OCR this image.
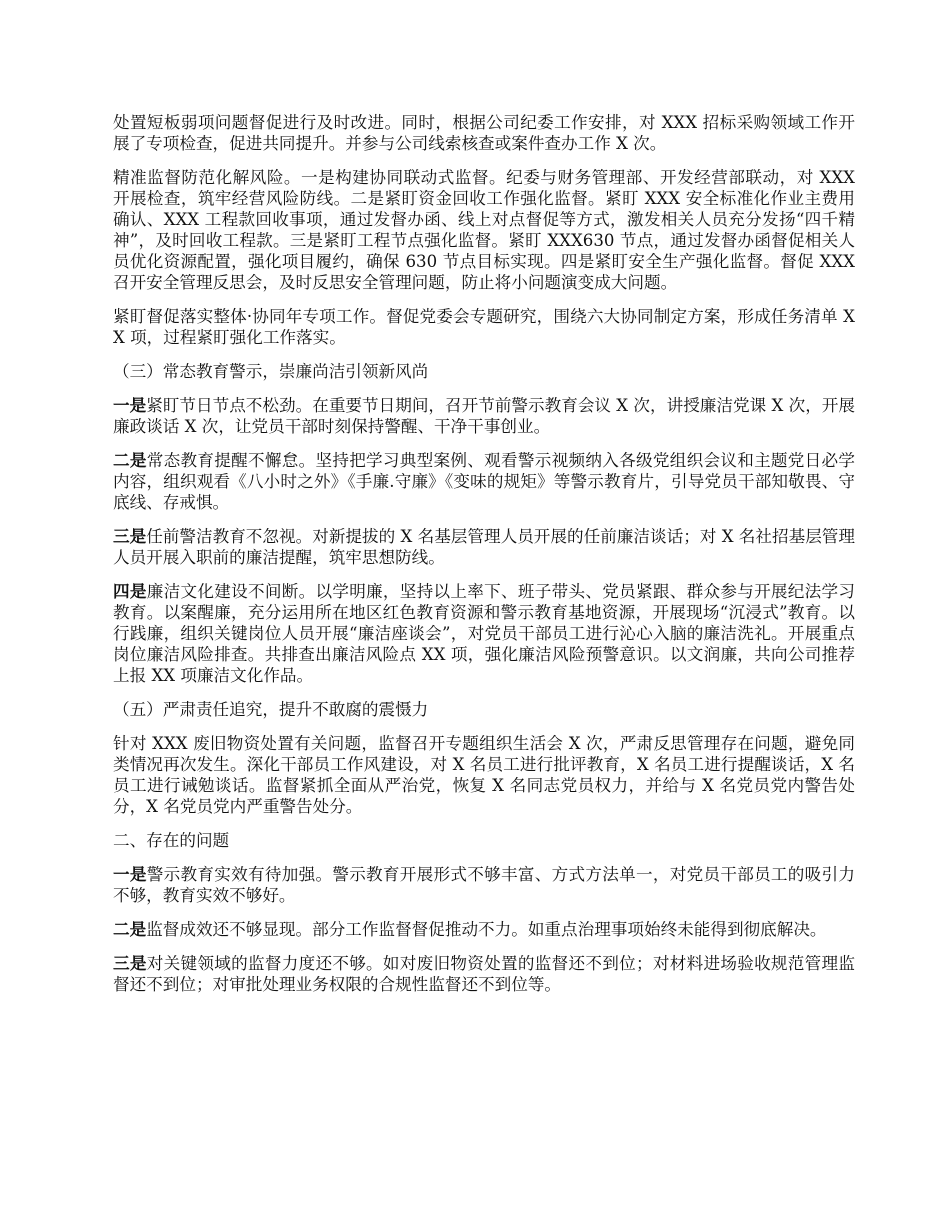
处置短板弱项问题督促进行及时改进。同时，根据公司纪委工作安排，对 XXX 招标采购领域工作开展了专项检查，促进共同提升。并参与公司线索核查或案件查办工作 X 次。

精准监督防范化解风险。一是构建协同联动式监督。纪委与财务管理部、开发经营部联动，对 XXX 开展检查，筑牢经营风险防线。二是紧盯资金回收工作强化监督。紧盯 XXX 安全标准化作业主费用确认、XXX 工程款回收事项，通过发督办函、线上对点督促等方式，激发相关人员充分发扬“四千精神”，及时回收工程款。三是紧盯工程节点强化监督。紧盯 XXX630 节点，通过发督办函督促相关人员优化资源配置，强化项目履约，确保 630 节点目标实现。四是紧盯安全生产强化监督。督促 XXX 召开安全管理反思会，及时反思安全管理问题，防止将小问题演变成大问题。

紧盯督促落实整体·协同年专项工作。督促党委会专题研究，围绕六大协同制定方案，形成任务清单 XX 项，过程紧盯强化工作落实。

（三）常态教育警示，崇廉尚洁引领新风尚

一是紧盯节日节点不松劲。在重要节日期间，召开节前警示教育会议 X 次，讲授廉洁党课 X 次，开展廉政谈话 X 次，让党员干部时刻保持警醒、干净干事创业。

二是常态教育提醒不懈怠。坚持把学习典型案例、观看警示视频纳入各级党组织会议和主题党日必学内容，组织观看《八小时之外》《手廉.守廉》《变味的规矩》等警示教育片，引导党员干部知敬畏、守底线、存戒惧。

三是任前警洁教育不忽视。对新提拔的 X 名基层管理人员开展的任前廉洁谈话；对 X 名社招基层管理人员开展入职前的廉洁提醒，筑牢思想防线。

四是廉洁文化建设不间断。以学明廉，坚持以上率下、班子带头、党员紧跟、群众参与开展纪法学习教育。以案醒廉，充分运用所在地区红色教育资源和警示教育基地资源，开展现场“沉浸式”教育。以行践廉，组织关键岗位人员开展“廉洁座谈会”，对党员干部员工进行沁心入脑的廉洁洗礼。开展重点岗位廉洁风险排查。共排查出廉洁风险点 XX 项，强化廉洁风险预警意识。以文润廉，共向公司推荐上报 XX 项廉洁文化作品。

（五）严肃责任追究，提升不敢腐的震慑力

针对 XXX 废旧物资处置有关问题，监督召开专题组织生活会 X 次，严肃反思管理存在问题，避免同类情况再次发生。深化干部员工作风建设，对 X 名员工进行批评教育，X 名员工进行提醒谈话，X 名员工进行诫勉谈话。监督紧抓全面从严治党，恢复 X 名同志党员权力，并给与 X 名党员党内警告处分，X 名党员党内严重警告处分。

二、存在的问题

一是警示教育实效有待加强。警示教育开展形式不够丰富、方式方法单一，对党员干部员工的吸引力不够，教育实效不够好。

二是监督成效还不够显现。部分工作监督督促推动不力。如重点治理事项始终未能得到彻底解决。

三是对关键领域的监督力度还不够。如对废旧物资处置的监督还不到位；对材料进场验收规范管理监督还不到位；对审批处理业务权限的合规性监督还不到位等。
